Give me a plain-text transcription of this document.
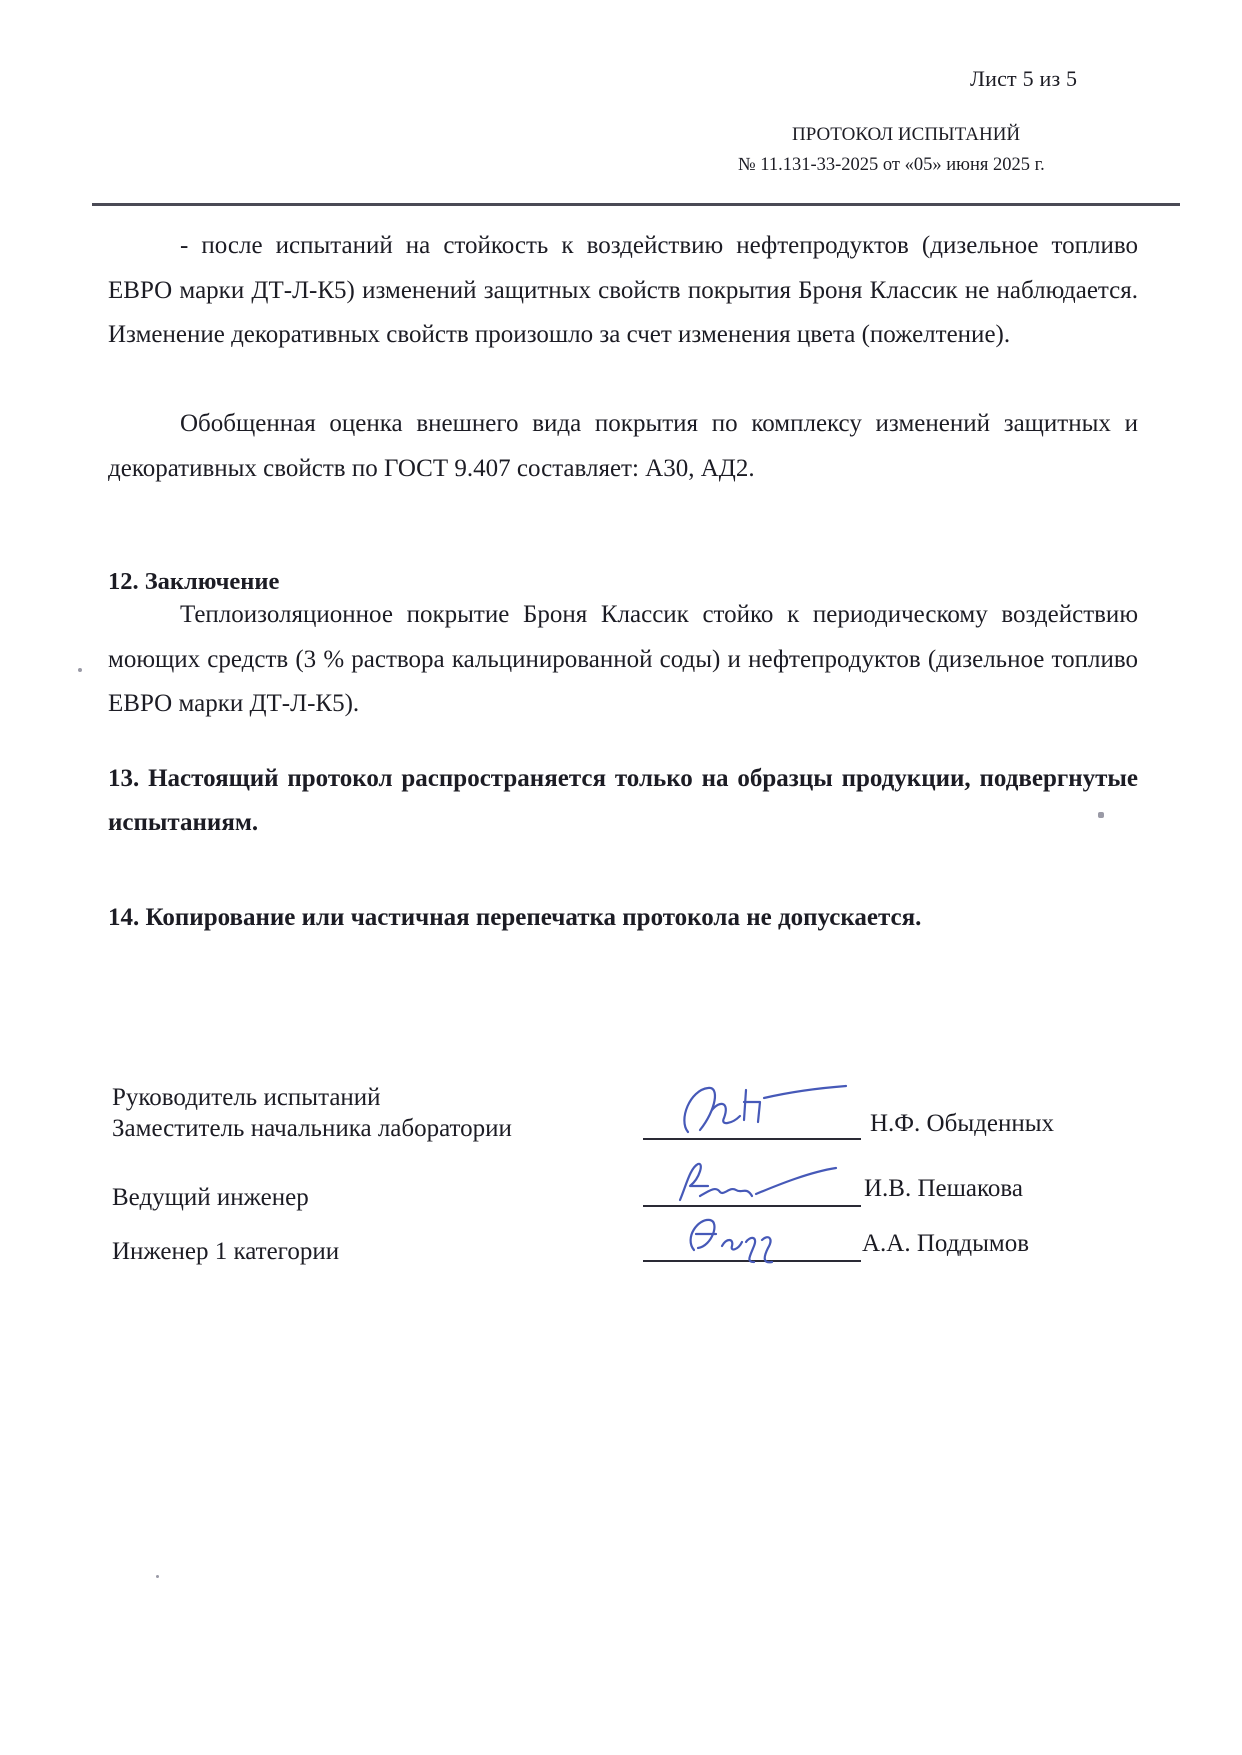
Лист 5 из 5
ПРОТОКОЛ ИСПЫТАНИЙ
№ 11.131-33-2025 от «05» июня 2025 г.

- после испытаний на стойкость к воздействию нефтепродуктов (дизельное топливо ЕВРО марки ДТ-Л-К5) изменений защитных свойств покрытия Броня Классик не наблюдается. Изменение декоративных свойств произошло за счет изменения цвета (пожелтение).

Обобщенная оценка внешнего вида покрытия по комплексу изменений защитных и декоративных свойств по ГОСТ 9.407 составляет: А30, АД2.

12. Заключение

Теплоизоляционное покрытие Броня Классик стойко к периодическому воздействию моющих средств (3 % раствора кальцинированной соды) и нефтепродуктов (дизельное топливо ЕВРО марки ДТ-Л-К5).

13. Настоящий протокол распространяется только на образцы продукции, подвергнутые испытаниям.

14. Копирование или частичная перепечатка протокола не допускается.

Руководитель испытаний
Заместитель начальника лаборатории	Н.Ф. Обыденных
Ведущий инженер	И.В. Пешакова
Инженер 1 категории	А.А. Поддымов
